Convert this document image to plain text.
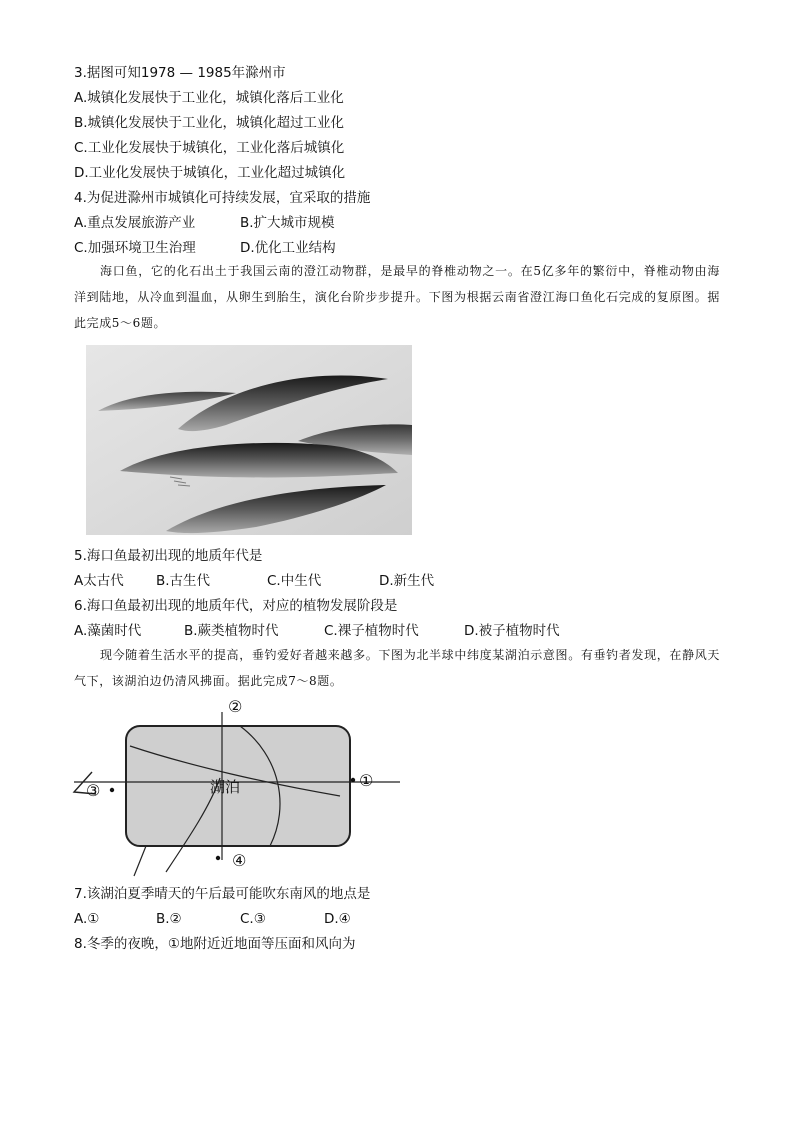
3.据图可知1978 — 1985年滁州市
A.城镇化发展快于工业化，城镇化落后工业化
B.城镇化发展快于工业化，城镇化超过工业化
C.工业化发展快于城镇化，工业化落后城镇化
D.工业化发展快于城镇化，工业化超过城镇化
4.为促进滁州市城镇化可持续发展，宜采取的措施
A.重点发展旅游产业	B.扩大城市规模
C.加强环境卫生治理	D.优化工业结构
海口鱼，它的化石出土于我国云南的澄江动物群，是最早的脊椎动物之一。在5亿多年的繁衍中，脊椎动物由海洋到陆地，从冷血到温血，从卵生到胎生，演化台阶步步提升。下图为根据云南省澄江海口鱼化石完成的复原图。据此完成5～6题。
5.海口鱼最初出现的地质年代是
A太古代 B.古生代	C.中生代	D.新生代
6.海口鱼最初出现的地质年代，对应的植物发展阶段是
A.藻菌时代	B.蕨类植物时代	C.裸子植物时代	D.被子植物时代
现今随着生活水平的提高，垂钓爱好者越来越多。下图为北半球中纬度某湖泊示意图。有垂钓者发现，在静风天气下，该湖泊边仍清风拂面。据此完成7～8题。
湖泊	①
②
③
④
7.该湖泊夏季晴天的午后最可能吹东南风的地点是
A.①	B.②	C.③	D.④
8.冬季的夜晚，①地附近近地面等压面和风向为
